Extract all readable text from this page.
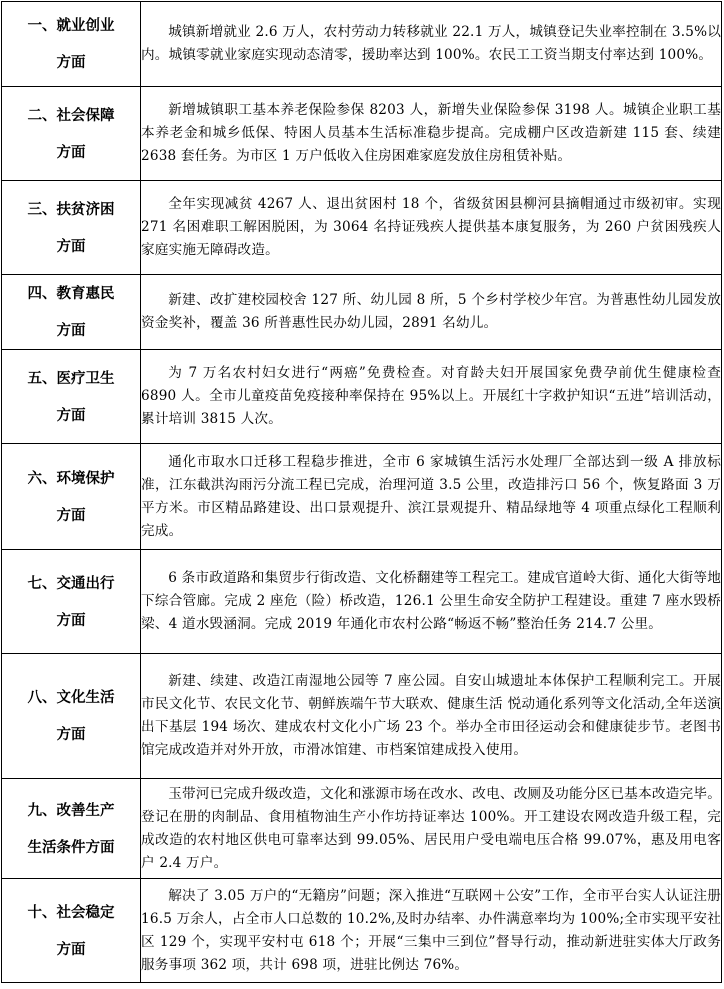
一、就业创业
方面	城镇新增就业 2.6 万人，农村劳动力转移就业 22.1 万人，城镇登记失业率控制在 3.5%以内。城镇零就业家庭实现动态清零，援助率达到 100%。农民工工资当期支付率达到 100%。

二、社会保障
方面	新增城镇职工基本养老保险参保 8203 人，新增失业保险参保 3198 人。城镇企业职工基本养老金和城乡低保、特困人员基本生活标准稳步提高。完成棚户区改造新建 115 套、续建 2638 套任务。为市区 1 万户低收入住房困难家庭发放住房租赁补贴。

三、扶贫济困
方面	全年实现减贫 4267 人、退出贫困村 18 个，省级贫困县柳河县摘帽通过市级初审。实现 271 名困难职工解困脱困，为 3064 名持证残疾人提供基本康复服务，为 260 户贫困残疾人家庭实施无障碍改造。

四、教育惠民
方面	新建、改扩建校园校舍 127 所、幼儿园 8 所，5 个乡村学校少年宫。为普惠性幼儿园发放资金奖补，覆盖 36 所普惠性民办幼儿园，2891 名幼儿。

五、医疗卫生
方面	为 7 万名农村妇女进行“两癌”免费检查。对育龄夫妇开展国家免费孕前优生健康检查 6890 人。全市儿童疫苗免疫接种率保持在 95%以上。开展红十字救护知识“五进”培训活动，累计培训 3815 人次。

六、环境保护
方面	通化市取水口迁移工程稳步推进，全市 6 家城镇生活污水处理厂全部达到一级 A 排放标准，江东截洪沟雨污分流工程已完成，治理河道 3.5 公里，改造排污口 56 个，恢复路面 3 万平方米。市区精品路建设、出口景观提升、滨江景观提升、精品绿地等 4 项重点绿化工程顺利完成。

七、交通出行
方面	6 条市政道路和集贸步行街改造、文化桥翻建等工程完工。建成官道岭大街、通化大街等地下综合管廊。完成 2 座危（险）桥改造，126.1 公里生命安全防护工程建设。重建 7 座水毁桥梁、4 道水毁涵洞。完成 2019 年通化市农村公路“畅返不畅”整治任务 214.7 公里。

八、文化生活
方面	新建、续建、改造江南湿地公园等 7 座公园。自安山城遗址本体保护工程顺利完工。开展市民文化节、农民文化节、朝鲜族端午节大联欢、健康生活 悦动通化系列等文化活动,全年送演出下基层 194 场次、建成农村文化小广场 23 个。举办全市田径运动会和健康徒步节。老图书馆完成改造并对外开放，市滑冰馆建、市档案馆建成投入使用。

九、改善生产
生活条件方面	玉带河已完成升级改造，文化和涨源市场在改水、改电、改厕及功能分区已基本改造完毕。登记在册的肉制品、食用植物油生产小作坊持证率达 100%。开工建设农网改造升级工程，完成改造的农村地区供电可靠率达到 99.05%、居民用户受电端电压合格 99.07%，惠及用电客户 2.4 万户。

十、社会稳定
方面	解决了 3.05 万户的“无籍房”问题；深入推进“互联网＋公安”工作，全市平台实人认证注册 16.5 万余人，占全市人口总数的 10.2%,及时办结率、办件满意率均为 100%;全市实现平安社区 129 个，实现平安村屯 618 个；开展“三集中三到位”督导行动，推动新进驻实体大厅政务服务事项 362 项，共计 698 项，进驻比例达 76%。
